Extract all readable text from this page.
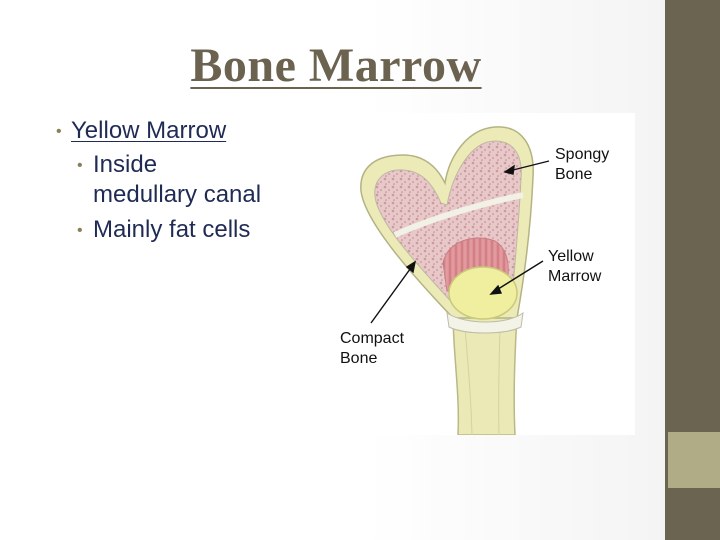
Bone Marrow
• Yellow Marrow
• Inside
medullary canal
• Mainly fat cells
Spongy
Bone
Yellow
Marrow
Compact
Bone
